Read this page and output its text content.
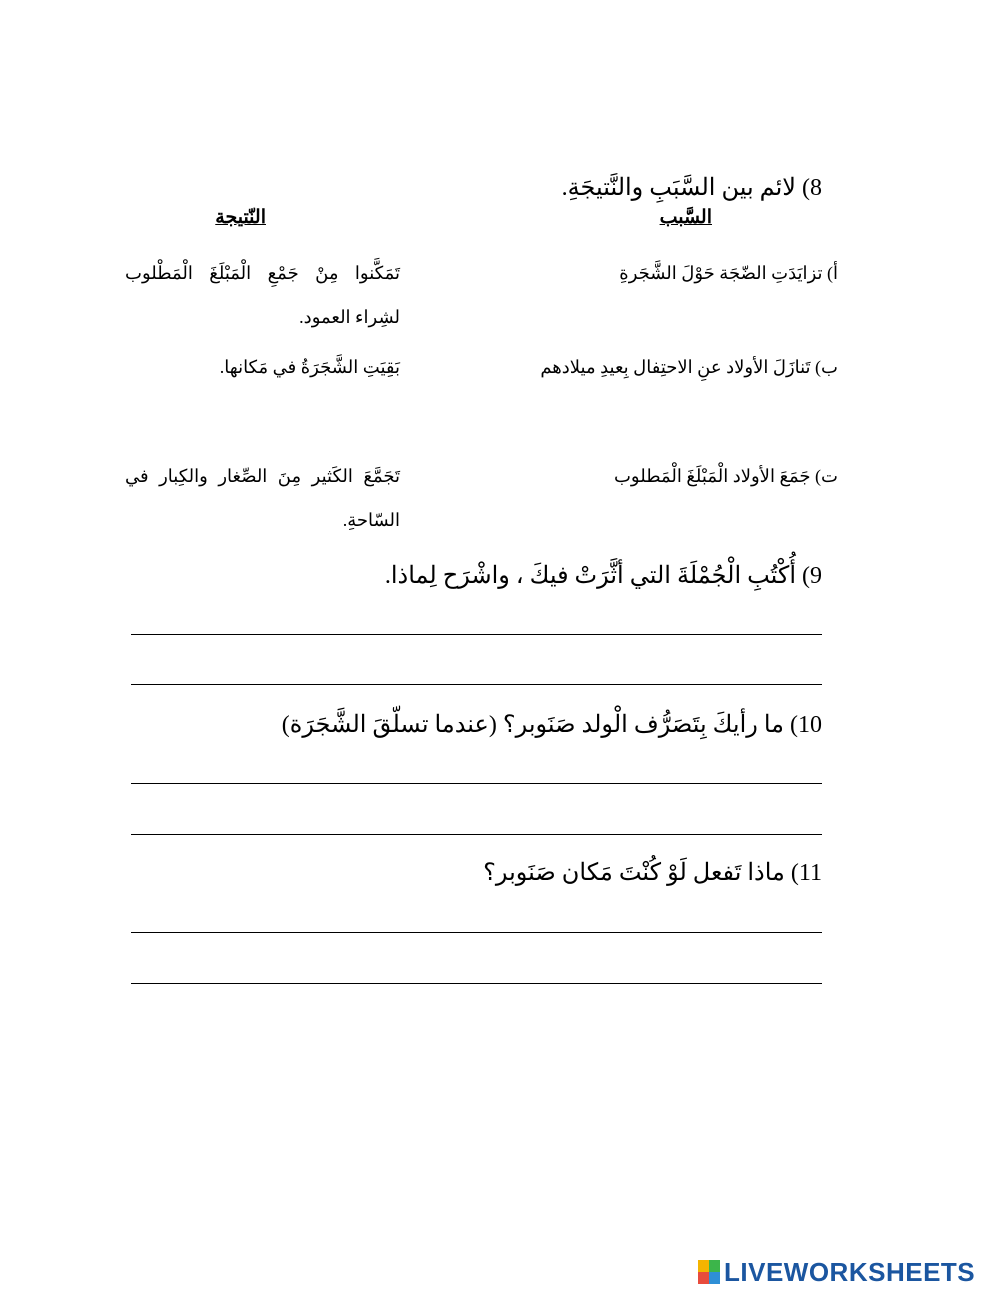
8) لائم بين السَّبَبِ والنَّتيجَةِ.
السَّبب
النّتيجة
أ) تزايَدَتِ الضّجَة حَوْلَ الشَّجَرةِ
تَمَكَّنوا مِنْ جَمْعِ الْمَبْلَغَ الْمَطْلوب لشِراء العمود.
ب) تَنازَلَ الأولاد عنِ الاحتِفال بِعيدِ ميلادهم
بَقِيَتِ الشَّجَرَةُ في مَكانها.
ت) جَمَعَ الأولاد الْمَبْلَغَ الْمَطلوب
تَجَمَّعَ الكَثير مِنَ الصِّغار والكِبار في السّاحةِ.
9) أُكْتُبِ الْجُمْلَةَ التي أثَّرَتْ فيكَ ، واشْرَح لِماذا.
10) ما رأيكَ بِتَصَرُّف الْولد صَنَوبر؟ (عندما تسلّقَ الشَّجَرَة)
11) ماذا تَفعل لَوْ كُنْتَ مَكان صَنَوبر؟
LIVEWORKSHEETS
